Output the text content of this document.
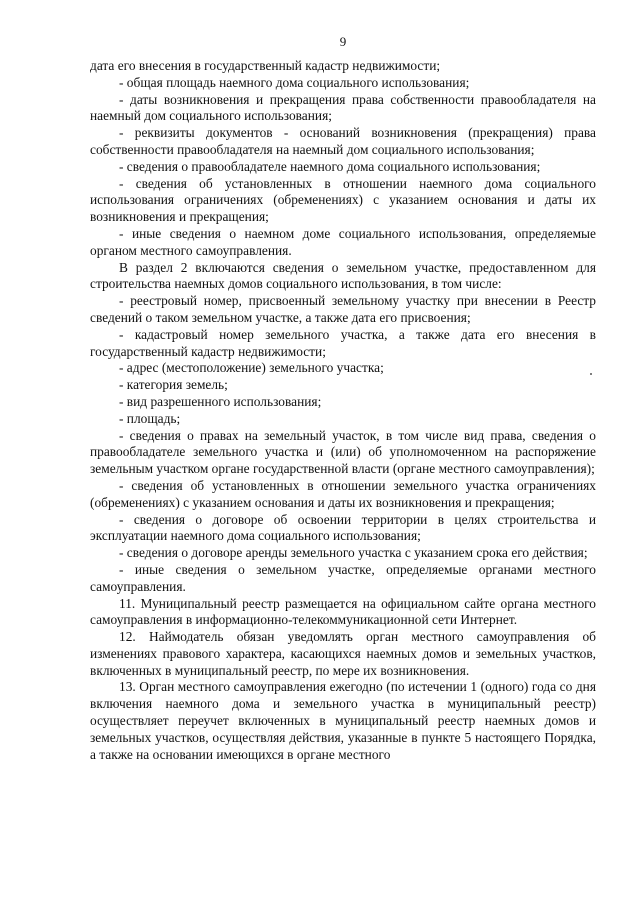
9

дата его внесения в государственный кадастр недвижимости;

- общая площадь наемного дома социального использования;

- даты возникновения и прекращения права собственности правообладателя на наемный дом социального использования;

- реквизиты документов - оснований возникновения (прекращения) права собственности правообладателя на наемный дом социального использования;

- сведения о правообладателе наемного дома социального использования;

- сведения об установленных в отношении наемного дома социального использования ограничениях (обременениях) с указанием основания и даты их возникновения и прекращения;

- иные сведения о наемном доме социального использования, определяемые органом местного самоуправления.

В раздел 2 включаются сведения о земельном участке, предоставленном для строительства наемных домов социального использования, в том числе:

- реестровый номер, присвоенный земельному участку при внесении в Реестр сведений о таком земельном участке, а также дата его присвоения;

- кадастровый номер земельного участка, а также дата его внесения в государственный кадастр недвижимости;

- адрес (местоположение) земельного участка;

- категория земель;

- вид разрешенного использования;

- площадь;

- сведения о правах на земельный участок, в том числе вид права, сведения о правообладателе земельного участка и (или) об уполномоченном на распоряжение земельным участком органе государственной власти (органе местного самоуправления);

- сведения об установленных в отношении земельного участка ограничениях (обременениях) с указанием основания и даты их возникновения и прекращения;

- сведения о договоре об освоении территории в целях строительства и эксплуатации наемного дома социального использования;

- сведения о договоре аренды земельного участка с указанием срока его действия;

- иные сведения о земельном участке, определяемые органами местного самоуправления.

11. Муниципальный реестр размещается на официальном сайте органа местного самоуправления в информационно-телекоммуникационной сети Интернет.

12. Наймодатель обязан уведомлять орган местного самоуправления об изменениях правового характера, касающихся наемных домов и земельных участков, включенных в муниципальный реестр, по мере их возникновения.

13. Орган местного самоуправления ежегодно (по истечении 1 (одного) года со дня включения наемного дома и земельного участка в муниципальный реестр) осуществляет переучет включенных в муниципальный реестр наемных домов и земельных участков, осуществляя действия, указанные в пункте 5 настоящего Порядка, а также на основании имеющихся в органе местного
